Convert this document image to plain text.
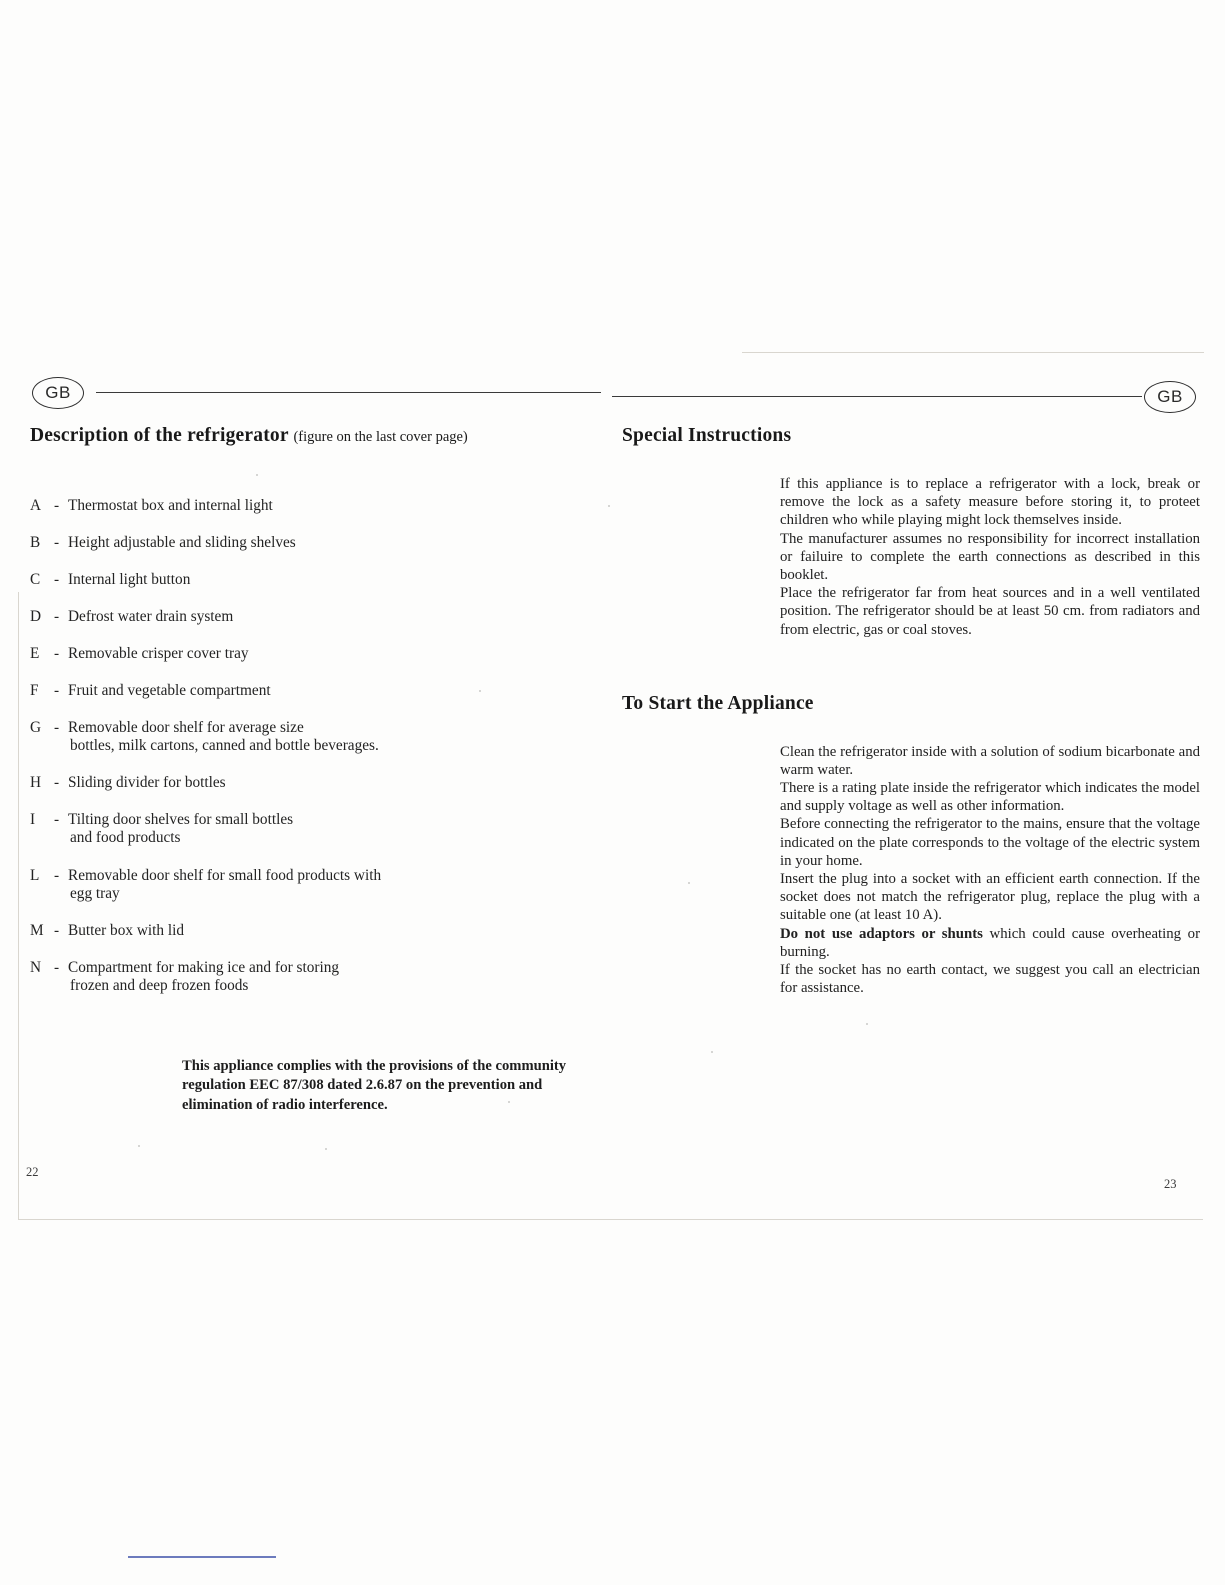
GB	GB
Description of the refrigerator (figure on the last cover page)
A - Thermostat box and internal light
B - Height adjustable and sliding shelves
C - Internal light button
D - Defrost water drain system
E - Removable crisper cover tray
F	- Fruit and vegetable compartment
G - Removable door shelf for average size
bottles, milk cartons, canned and bottle beverages.
H - Sliding divider for bottles
I	- Tilting door shelves for small bottles
and food products
L - Removable door shelf for small food products with
egg tray
M - Butter box with lid
N - Compartment for making ice and for storing
frozen and deep frozen foods
This appliance complies with the provisions of the community regulation EEC 87/308 dated 2.6.87 on the prevention and elimination of radio interference.
Special Instructions

If this appliance is to replace a refrigerator with a lock, break or remove the lock as a safety measure before storing it, to proteet children who while playing might lock themselves inside.

The manufacturer assumes no responsibility for incorrect installation or failuire to complete the earth connections as described in this booklet.

Place the refrigerator far from heat sources and in a well ventilated position. The refrigerator should be at least 50 cm. from radiators and from electric, gas or coal stoves.

To Start the Appliance

Clean the refrigerator inside with a solution of sodium bicarbonate and warm water.

There is a rating plate inside the refrigerator which indicates the model and supply voltage as well as other information.

Before connecting the refrigerator to the mains, ensure that the voltage indicated on the plate corresponds to the voltage of the electric system in your home.

Insert the plug into a socket with an efficient earth connection. If the socket does not match the refrigerator plug, replace the plug with a suitable one (at least 10 A).

Do not use adaptors or shunts which could cause overheating or burning.

If the socket has no earth contact, we suggest you call an electrician for assistance.

22
23
